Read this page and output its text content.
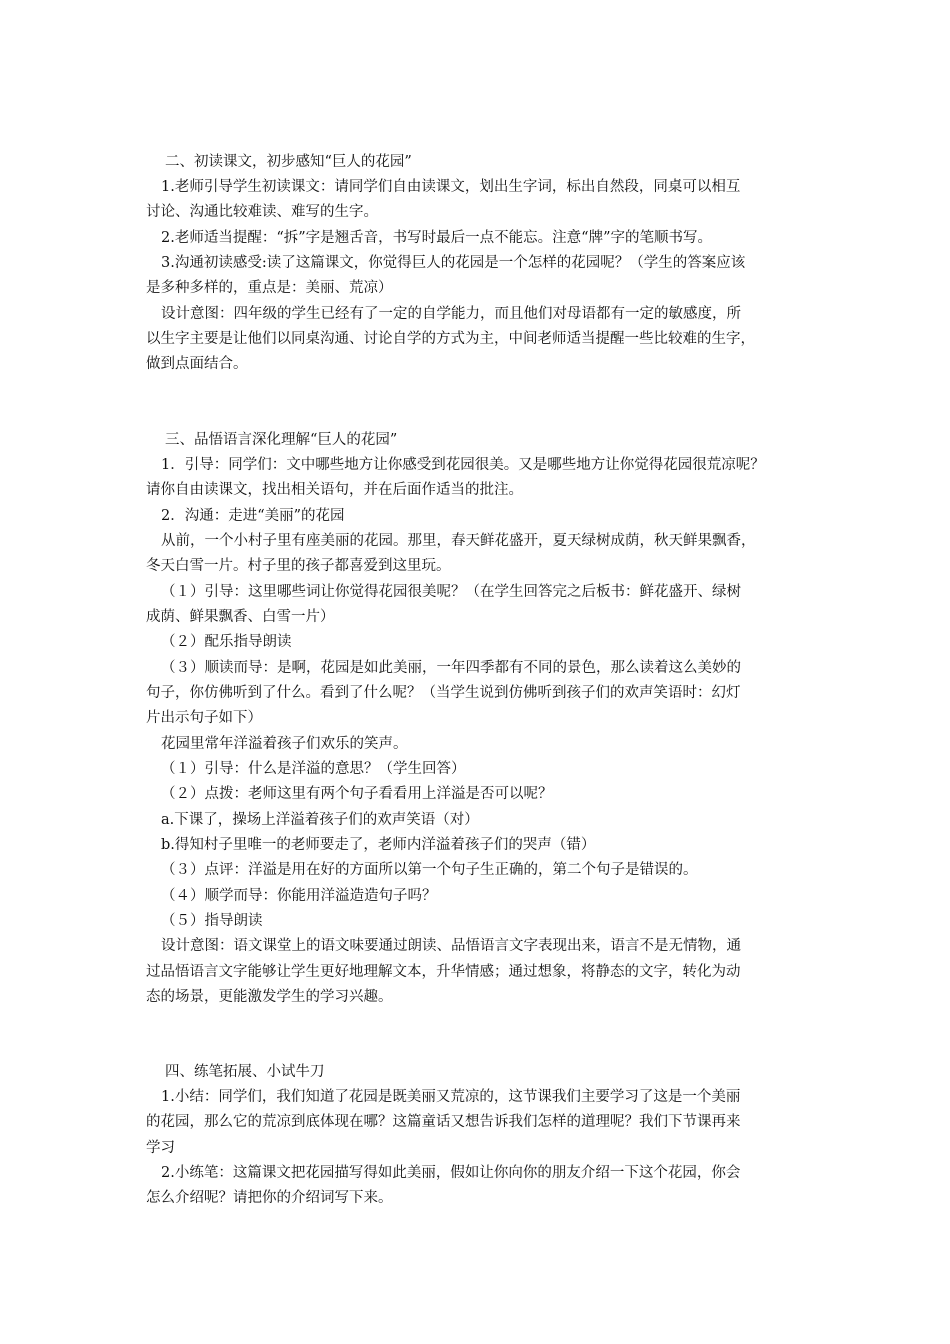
二、初读课文，初步感知“巨人的花园”
1.老师引导学生初读课文：请同学们自由读课文，划出生字词，标出自然段，同桌可以相互
讨论、沟通比较难读、难写的生字。
2.老师适当提醒：“拆”字是翘舌音，书写时最后一点不能忘。注意“牌”字的笔顺书写。
3.沟通初读感受:读了这篇课文，你觉得巨人的花园是一个怎样的花园呢？（学生的答案应该
是多种多样的，重点是：美丽、荒凉）
设计意图：四年级的学生已经有了一定的自学能力，而且他们对母语都有一定的敏感度，所
以生字主要是让他们以同桌沟通、讨论自学的方式为主，中间老师适当提醒一些比较难的生字，
做到点面结合。
三、品悟语言深化理解“巨人的花园”
1．引导：同学们：文中哪些地方让你感受到花园很美。又是哪些地方让你觉得花园很荒凉呢？
请你自由读课文，找出相关语句，并在后面作适当的批注。
2．沟通：走进“美丽”的花园
从前，一个小村子里有座美丽的花园。那里，春天鲜花盛开，夏天绿树成荫，秋天鲜果飘香，
冬天白雪一片。村子里的孩子都喜爱到这里玩。
（１）引导：这里哪些词让你觉得花园很美呢？（在学生回答完之后板书：鲜花盛开、绿树
成荫、鲜果飘香、白雪一片）
（２）配乐指导朗读
（３）顺读而导：是啊，花园是如此美丽，一年四季都有不同的景色，那么读着这么美妙的
句子，你仿佛听到了什么。看到了什么呢？（当学生说到仿佛听到孩子们的欢声笑语时：幻灯
片出示句子如下）
花园里常年洋溢着孩子们欢乐的笑声。
（１）引导：什么是洋溢的意思？（学生回答）
（２）点拨：老师这里有两个句子看看用上洋溢是否可以呢？
a.下课了，操场上洋溢着孩子们的欢声笑语（对）
b.得知村子里唯一的老师要走了，老师内洋溢着孩子们的哭声（错）
（３）点评：洋溢是用在好的方面所以第一个句子生正确的，第二个句子是错误的。
（４）顺学而导：你能用洋溢造造句子吗？
（５）指导朗读
设计意图：语文课堂上的语文味要通过朗读、品悟语言文字表现出来，语言不是无情物，通
过品悟语言文字能够让学生更好地理解文本，升华情感；通过想象，将静态的文字，转化为动
态的场景，更能激发学生的学习兴趣。
四、练笔拓展、小试牛刀
1.小结：同学们，我们知道了花园是既美丽又荒凉的，这节课我们主要学习了这是一个美丽
的花园，那么它的荒凉到底体现在哪？这篇童话又想告诉我们怎样的道理呢？我们下节课再来
学习
2.小练笔：这篇课文把花园描写得如此美丽，假如让你向你的朋友介绍一下这个花园，你会
怎么介绍呢？请把你的介绍词写下来。
